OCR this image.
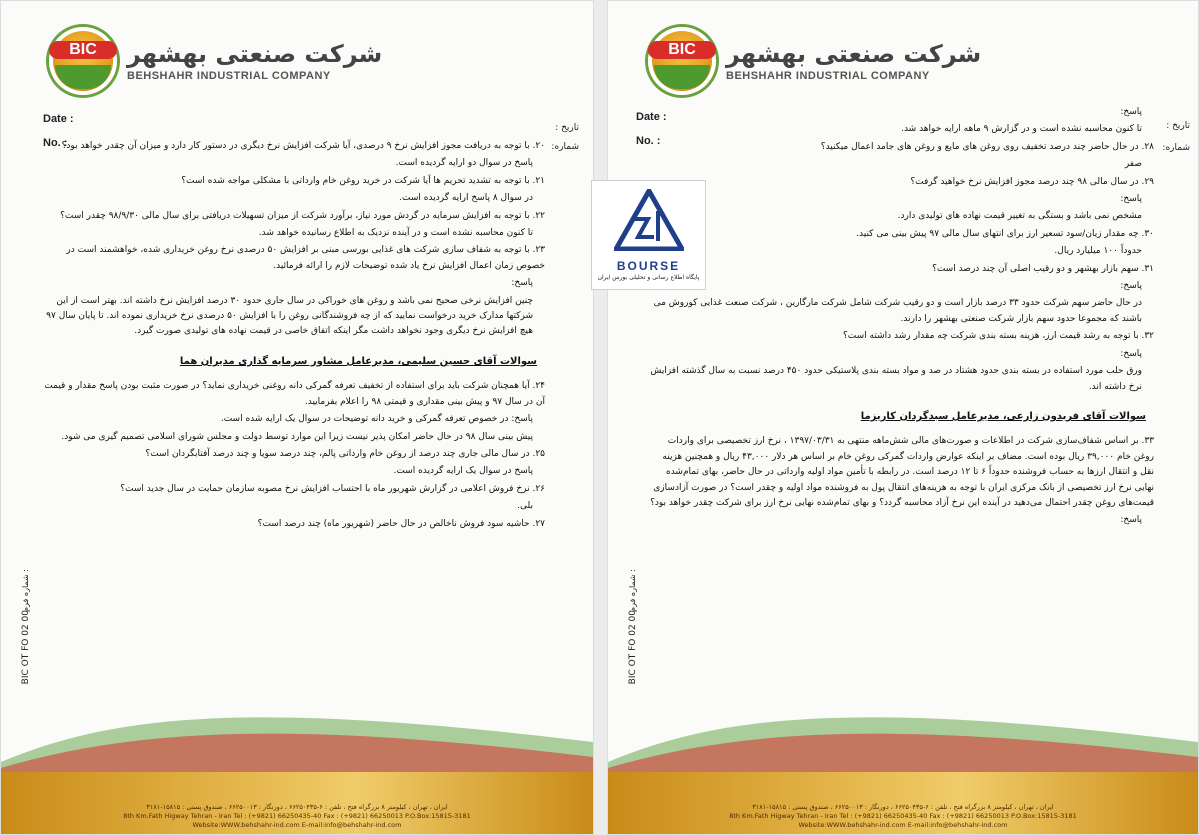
BIC	شرکت صنعتی بهشهر
BEHSHAHR INDUSTRIAL COMPANY
Date :
No. :
تاریخ :
شماره:

۲۰. با توجه به دریافت مجوز افزایش نرخ ۹ درصدی، آیا شرکت افزایش نرخ دیگری در دستور کار دارد و میزان آن چقدر خواهد بود؟

پاسخ در سوال دو ارایه گردیده است.

۲۱. با توجه به تشدید تحریم ها آیا شرکت در خرید روغن خام وارداتی با مشکلی مواجه شده است؟

در سوال ۸ پاسخ ارایه گردیده است.

۲۲. با توجه به افزایش سرمایه در گردش مورد نیاز، برآورد شرکت از میزان تسهیلات دریافتی برای سال مالی ۹۸/۹/۳۰ چقدر است؟

تا کنون محاسبه نشده است و در آینده نزدیک به اطلاع رسانیده خواهد شد.

۲۳. با توجه به شفاف سازی شرکت های غذایی بورسی مبنی بر افزایش ۵۰ درصدی نرخ روغن خریداری شده، خواهشمند است در خصوص زمان اعمال افزایش نرخ یاد شده توضیحات لازم را ارائه فرمائید.

پاسخ:

چنین افزایش نرخی صحیح نمی باشد و روغن های خوراکی در سال جاری حدود ۳۰ درصد افزایش نرخ داشته اند. بهتر است از این شرکتها مدارک خرید درخواست نمایید که از چه فروشندگانی روغن را با افزایش ۵۰ درصدی نرخ خریداری نموده اند. تا پایان سال ۹۷ هیچ افزایش نرخ دیگری وجود نخواهد داشت مگر اینکه اتفاق خاصی در قیمت نهاده های تولیدی صورت گیرد.

سوالات آقای حسین سلیمی، مدیرعامل مشاور سرمایه گذاری مدیران هما

۲۴. آیا همچنان شرکت باید برای استفاده از تخفیف تعرفه گمرکی دانه روغنی خریداری نماید؟ در صورت مثبت بودن پاسخ مقدار و قیمت آن در سال ۹۷ و پیش بینی مقداری و قیمتی ۹۸ را اعلام بفرمایید.

پاسخ: در خصوص تعرفه گمرکی و خرید دانه توضیحات در سوال یک ارایه شده است.

پیش بینی سال ۹۸ در حال حاضر امکان پذیر نیست زیرا این موارد توسط دولت و مجلس شورای اسلامی تصمیم گیری می شود.

۲۵. در سال مالی جاری چند درصد از روغن خام وارداتی پالم، چند درصد سویا و چند درصد آفتابگردان است؟

پاسخ در سوال یک ارایه گردیده است.

۲۶. نرخ فروش اعلامی در گزارش شهریور ماه با احتساب افزایش نرخ مصوبه سازمان حمایت در سال جدید است؟

بلی.

۲۷. حاشیه سود فروش ناخالص در حال حاضر (شهریور ماه) چند درصد است؟

BIC OT FO 02 00
شماره فرم :
ایران ، تهران ، کیلومتر ۸ بزرگراه فتح ، تلفن : ۶-۶۶۲۵۰۴۳۵ ، دورنگار : ۶۶۲۵۰۰۱۳ ، صندوق پستی : ۱۵۸۱۵-۳۱۸۱
8th Km.Fath Higway Tehran - Iran Tel : (+9821) 66250435-40 Fax : (+9821) 66250013 P.O.Box:15815-3181
Website:WWW.behshahr-ind.com E-mail:info@behshahr-ind.com
BIC	شرکت صنعتی بهشهر
BEHSHAHR INDUSTRIAL COMPANY
Date :
No. :
تاریخ :
شماره:

پاسخ:

تا کنون محاسبه نشده است و در گزارش ۹ ماهه ارایه خواهد شد.

۲۸. در حال حاضر چند درصد تخفیف روی روغن های مایع و روغن های جامد اعمال میکنید؟

صفر

۲۹. در سال مالی ۹۸ چند درصد مجوز افزایش نرخ خواهید گرفت؟

پاسخ:

مشخص نمی باشد و بستگی به تغییر قیمت نهاده های تولیدی دارد.

۳۰. چه مقدار زیان/سود تسعیر ارز برای انتهای سال مالی ۹۷ پیش بینی می کنید.

حدوداً ۱۰۰ میلیارد ریال.

۳۱. سهم بازار بهشهر و دو رقیب اصلی آن چند درصد است؟

پاسخ:

در حال حاضر سهم شرکت حدود ۳۳ درصد بازار است و دو رقیب شرکت شامل شرکت مارگارین ، شرکت صنعت غذایی کوروش می باشند که مجموعا حدود سهم بازار شرکت صنعتی بهشهر را دارند.

۳۲. با توجه به رشد قیمت ارز، هزینه بسته بندی شرکت چه مقدار رشد داشته است؟

پاسخ:

ورق حلب مورد استفاده در بسته بندی حدود هشتاد در صد و مواد بسته بندی پلاستیکی حدود ۴۵۰ درصد نسبت به سال گذشته افزایش نرخ داشته اند.

سوالات آقای فریدون زارعی، مدیرعامل سبدگردان کاریزما

۳۳. بر اساس شفاف‌سازی شرکت در اطلاعات و صورت‌های مالی شش‌ماهه منتهی به ۱۳۹۷/۰۳/۳۱ ، نرخ ارز تخصیصی برای واردات روغن خام ۳۹,۰۰۰ ریال بوده است. مضاف بر اینکه عوارض واردات گمرکی روغن خام بر اساس هر دلار ۴۳,۰۰۰ ریال و همچنین هزینه نقل و انتقال ارزها به حساب فروشنده حدوداً ۶ تا ۱۲ درصد است. در رابطه با تأمین مواد اولیه وارداتی در حال حاضر، بهای تمام‌شده نهایی نرخ ارز تخصیصی از بانک مرکزی ایران با توجه به هزینه‌های انتقال پول به فروشنده مواد اولیه و چقدر است؟ در صورت آزادسازی قیمت‌های روغن چقدر احتمال می‌دهید در آینده این نرخ آزاد محاسبه گردد؟ و بهای تمام‌شده نهایی نرخ ارز برای شرکت چقدر خواهد بود؟

پاسخ:

BIC OT FO 02 00
شماره فرم :
ایران ، تهران ، کیلومتر ۸ بزرگراه فتح ، تلفن : ۶-۶۶۲۵۰۴۳۵ ، دورنگار : ۶۶۲۵۰۰۱۳ ، صندوق پستی : ۱۵۸۱۵-۳۱۸۱
8th Km.Fath Higway Tehran - Iran Tel : (+9821) 66250435-40 Fax : (+9821) 66250013 P.O.Box:15815-3181
Website:WWW.behshahr-ind.com E-mail:info@behshahr-ind.com
BOURSE
پایگاه اطلاع رسانی و تحلیلی بورس ایران
